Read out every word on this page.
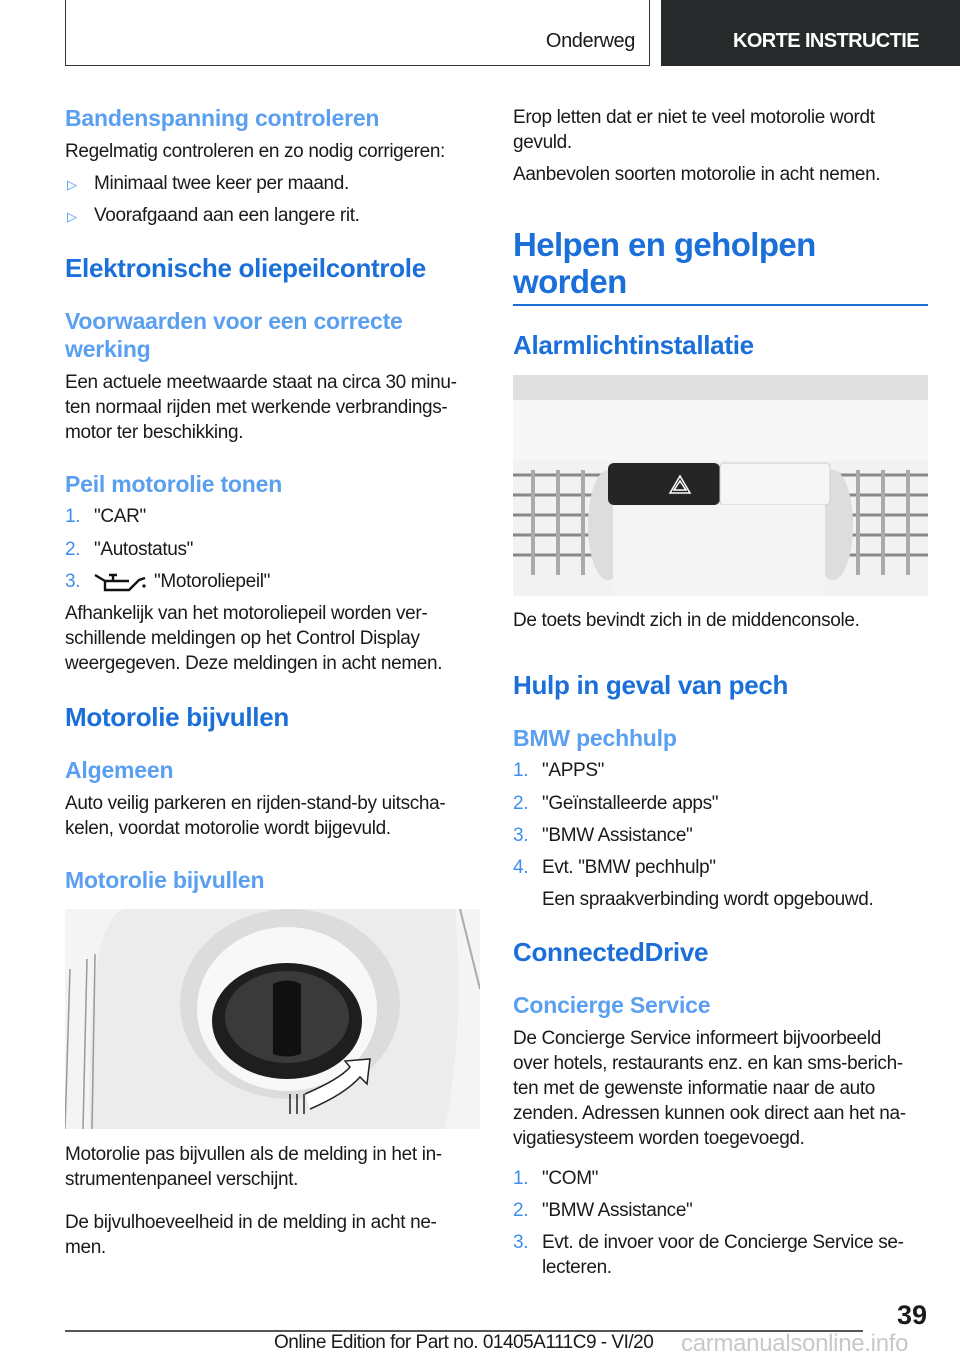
Onderweg	KORTE INSTRUCTIE
Bandenspanning controleren
Regelmatig controleren en zo nodig corrigeren:
▷ Minimaal twee keer per maand.
▷ Voorafgaand aan een langere rit.
Elektronische oliepeilcontrole
Voorwaarden voor een correcte
werking
Een actuele meetwaarde staat na circa 30 minu-
ten normaal rijden met werkende verbrandings-
motor ter beschikking.
Peil motorolie tonen
1. "CAR"
2. "Autostatus"
3.	"Motoroliepeil"
Afhankelijk van het motoroliepeil worden ver-
schillende meldingen op het Control Display
weergegeven. Deze meldingen in acht nemen.
Motorolie bijvullen
Algemeen
Auto veilig parkeren en rijden-stand-by uitscha-
kelen, voordat motorolie wordt bijgevuld.
Motorolie bijvullen
Motorolie pas bijvullen als de melding in het in-
strumentenpaneel verschijnt.
De bijvulhoeveelheid in de melding in acht ne-
men.
Erop letten dat er niet te veel motorolie wordt
gevuld.
Aanbevolen soorten motorolie in acht nemen.
Helpen en geholpen
worden
Alarmlichtinstallatie
De toets bevindt zich in de middenconsole.
Hulp in geval van pech
BMW pechhulp
1. "APPS"
2. "Geïnstalleerde apps"
3. "BMW Assistance"
4. Evt. "BMW pechhulp"
Een spraakverbinding wordt opgebouwd.
ConnectedDrive
Concierge Service
De Concierge Service informeert bijvoorbeeld
over hotels, restaurants enz. en kan sms-berich-
ten met de gewenste informatie naar de auto
zenden. Adressen kunnen ook direct aan het na-
vigatiesysteem worden toegevoegd.
1. "COM"
2. "BMW Assistance"
3. Evt. de invoer voor de Concierge Service se-
lecteren.
39
Online Edition for Part no. 01405A111C9 - VI/20 carmanualsonline.info
